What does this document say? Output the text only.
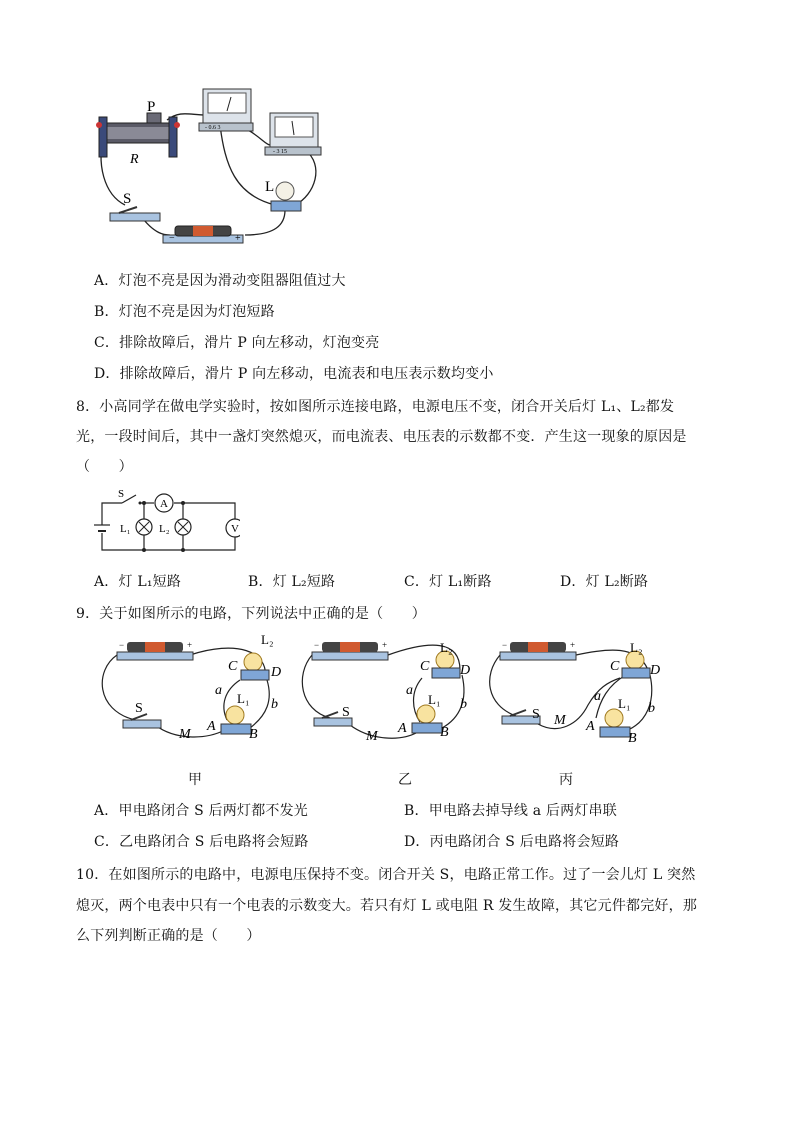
P
R
- 0.6 3
- 3 15
L
S
−	+
A．灯泡不亮是因为滑动变阻器阻值过大
B．灯泡不亮是因为灯泡短路
C．排除故障后，滑片 P 向左移动，灯泡变亮
D．排除故障后，滑片 P 向左移动，电流表和电压表示数均变小
8．小高同学在做电学实验时，按如图所示连接电路，电源电压不变，闭合开关后灯 L₁、L₂都发
光，一段时间后，其中一盏灯突然熄灭，而电流表、电压表的示数都不变．产生这一现象的原因是
（　　）
A
L₁	L₂	V
S
A．灯 L₁短路	B．灯 L₂短路	C．灯 L₁断路	D．灯 L₂断路
9．关于如图所示的电路，下列说法中正确的是（　　）
−	+	L₂
C D
a
L₁ b
S
M
A
B
−	+	L₂
C D
a
L₁ b
S
M
A B
−	+	L₂
C D
a L₁ b
S M A
B
甲	乙	丙
A．甲电路闭合 S 后两灯都不发光	B．甲电路去掉导线 a 后两灯串联
C．乙电路闭合 S 后电路将会短路	D．丙电路闭合 S 后电路将会短路
10．在如图所示的电路中，电源电压保持不变。闭合开关 S，电路正常工作。过了一会儿灯 L 突然
熄灭，两个电表中只有一个电表的示数变大。若只有灯 L 或电阻 R 发生故障，其它元件都完好，那
么下列判断正确的是（　　）
